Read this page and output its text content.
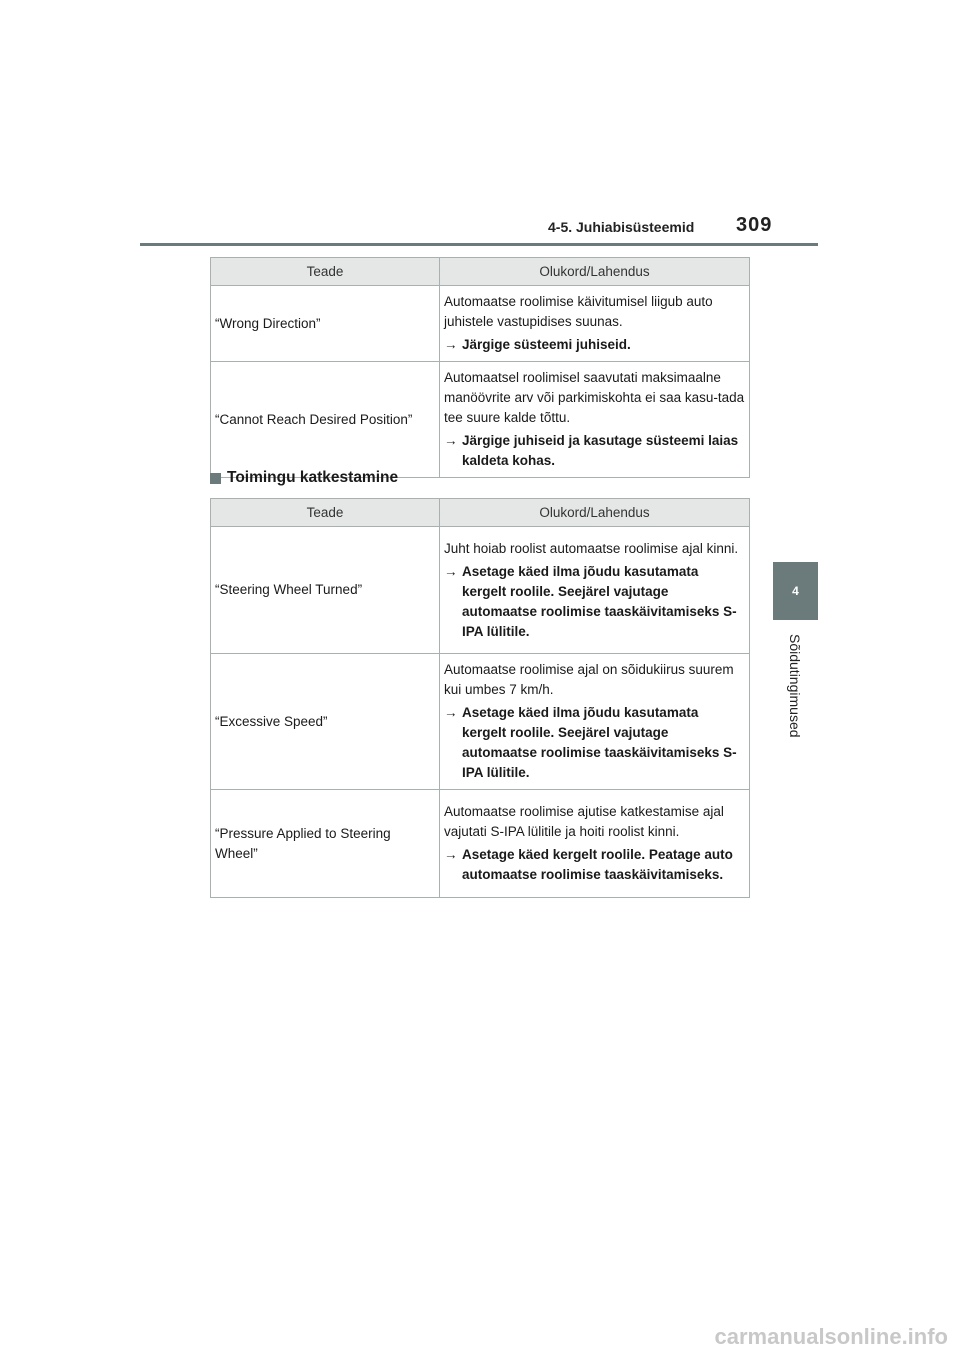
4-5. Juhiabisüsteemid 309
4
Sõidutingimused
Teade	Olukord/Lahendus
“Wrong Direction”	Automaatse roolimise käivitumisel liigub auto juhistele vastupidises suunas.
→ Järgige süsteemi juhiseid.

“Cannot Reach Desired Position”	Automaatsel roolimisel saavutati maksimaalne manöövrite arv või parkimiskohta ei saa kasu-tada tee suure kalde tõttu.
→ Järgige juhiseid ja kasutage süsteemi laias kaldeta kohas.
Toimingu katkestamine
Teade	Olukord/Lahendus
“Steering Wheel Turned”	Juht hoiab roolist automaatse roolimise ajal kinni.
→ Asetage käed ilma jõudu kasutamata kergelt roolile. Seejärel vajutage automaatse roolimise taaskäivitamiseks S-IPA lülitile.

“Excessive Speed”	Automaatse roolimise ajal on sõidukiirus suurem kui umbes 7 km/h.
→ Asetage käed ilma jõudu kasutamata kergelt roolile. Seejärel vajutage automaatse roolimise taaskäivitamiseks S-IPA lülitile.

“Pressure Applied to Steering Wheel”	Automaatse roolimise ajutise katkestamise ajal vajutati S-IPA lülitile ja hoiti roolist kinni.
→ Asetage käed kergelt roolile. Peatage auto automaatse roolimise taaskäivitamiseks.
carmanualsonline.info
